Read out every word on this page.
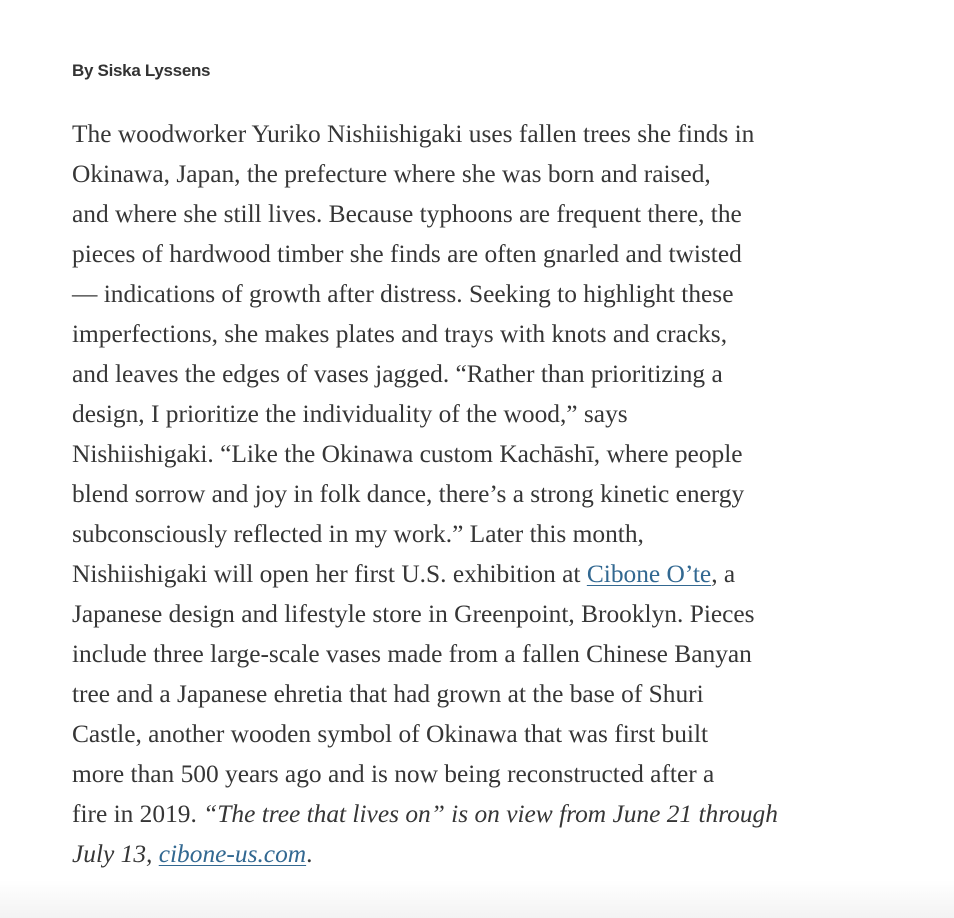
By Siska Lyssens

The woodworker Yuriko Nishiishigaki uses fallen trees she finds in
Okinawa, Japan, the prefecture where she was born and raised,
and where she still lives. Because typhoons are frequent there, the
pieces of hardwood timber she finds are often gnarled and twisted
— indications of growth after distress. Seeking to highlight these
imperfections, she makes plates and trays with knots and cracks,
and leaves the edges of vases jagged. “Rather than prioritizing a
design, I prioritize the individuality of the wood,” says
Nishiishigaki. “Like the Okinawa custom Kachāshī, where people
blend sorrow and joy in folk dance, there’s a strong kinetic energy
subconsciously reflected in my work.” Later this month,
Nishiishigaki will open her first U.S. exhibition at Cibone O’te, a
Japanese design and lifestyle store in Greenpoint, Brooklyn. Pieces
include three large-scale vases made from a fallen Chinese Banyan
tree and a Japanese ehretia that had grown at the base of Shuri
Castle, another wooden symbol of Okinawa that was first built
more than 500 years ago and is now being reconstructed after a
fire in 2019. “The tree that lives on” is on view from June 21 through
July 13, cibone-us.com.
